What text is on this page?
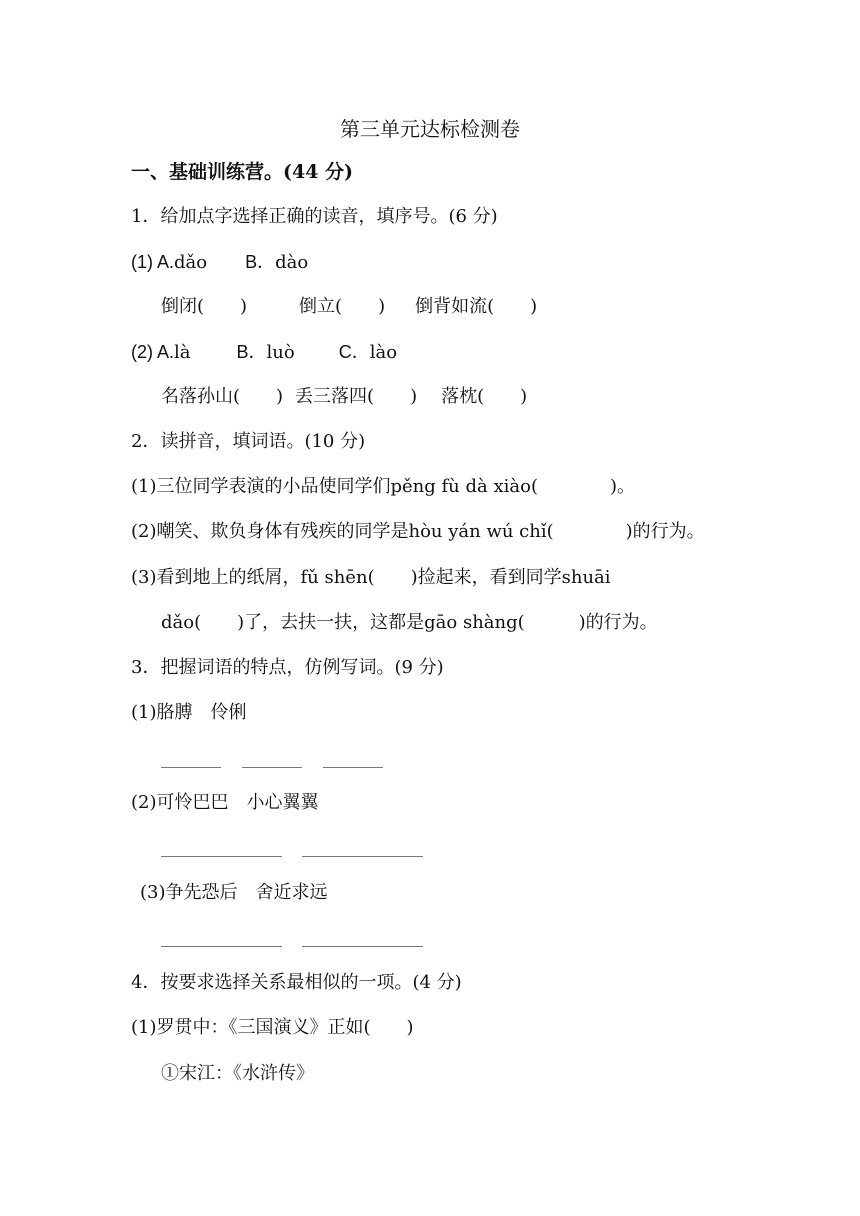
第三单元达标检测卷
一、基础训练营。(44 分)
1．给加点字选择正确的读音，填序号。(6 分)
(1) A.dǎo B．dào
倒闭(　　)	倒立(　　) 倒背如流(　　)
(2) A.là	B．luò C．lào
名落孙山(　　) 丢三落四(　　) 落枕(　　)
2．读拼音，填词语。(10 分)
(1)三位同学表演的小品使同学们pěng fù dà xiào(　　　　)。
(2)嘲笑、欺负身体有残疾的同学是hòu yán wú chǐ(　　　　)的行为。
(3)看到地上的纸屑，fǔ shēn(　　)捡起来，看到同学shuāi
dǎo(　　)了，去扶一扶，这都是gāo shàng(　　　)的行为。
3．把握词语的特点，仿例写词。(9 分)
(1)胳膊　伶俐
(2)可怜巴巴　小心翼翼
(3)争先恐后　舍近求远
4．按要求选择关系最相似的一项。(4 分)
(1)罗贯中：《三国演义》正如(　　)
①宋江：《水浒传》
